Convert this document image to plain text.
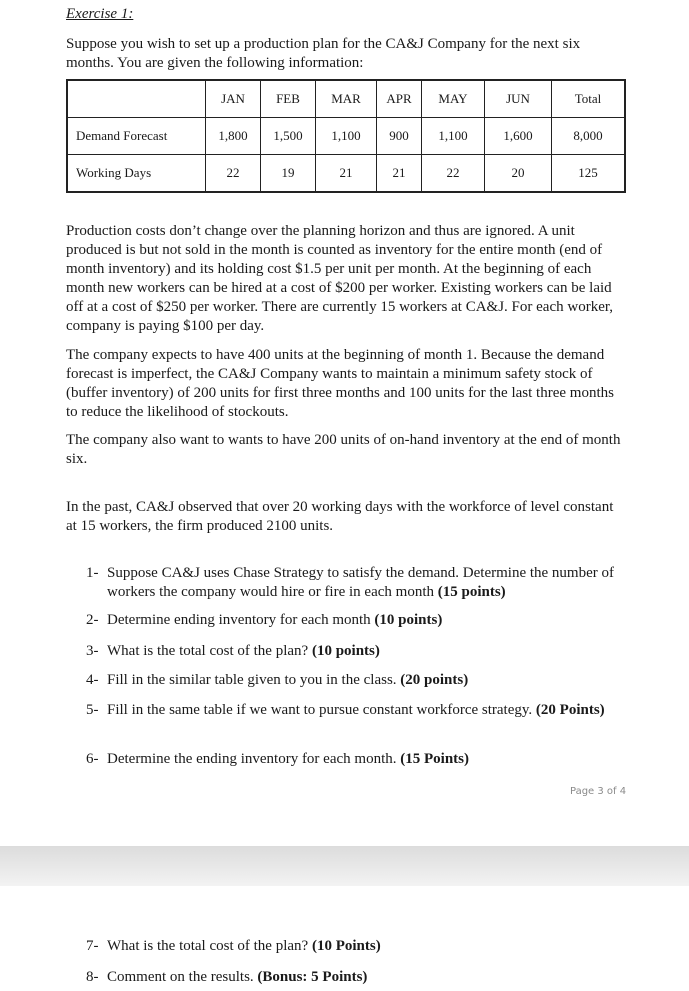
Exercise 1:
Suppose you wish to set up a production plan for the CA&J Company for the next six months. You are given the following information:
	JAN	FEB	MAR	APR	MAY	JUN	Total
Demand Forecast	1,800	1,500	1,100	900	1,100	1,600	8,000
Working Days	22	19	21	21	22	20	125
Production costs don’t change over the planning horizon and thus are ignored. A unit produced is but not sold in the month is counted as inventory for the entire month (end of month inventory) and its holding cost $1.5 per unit per month. At the beginning of each month new workers can be hired at a cost of $200 per worker. Existing workers can be laid off at a cost of $250 per worker. There are currently 15 workers at CA&J. For each worker, company is paying $100 per day.
The company expects to have 400 units at the beginning of month 1. Because the demand forecast is imperfect, the CA&J Company wants to maintain a minimum safety stock of (buffer inventory) of 200 units for first three months and 100 units for the last three months to reduce the likelihood of stockouts.
The company also want to wants to have 200 units of on-hand inventory at the end of month six.
In the past, CA&J observed that over 20 working days with the workforce of level constant at 15 workers, the firm produced 2100 units.
1- Suppose CA&J uses Chase Strategy to satisfy the demand. Determine the number of workers the company would hire or fire in each month (15 points)
2- Determine ending inventory for each month (10 points)
3- What is the total cost of the plan? (10 points)
4- Fill in the similar table given to you in the class. (20 points)
5- Fill in the same table if we want to pursue constant workforce strategy. (20 Points)
6- Determine the ending inventory for each month. (15 Points)
Page 3 of 4
7- What is the total cost of the plan? (10 Points)
8- Comment on the results. (Bonus: 5 Points)
